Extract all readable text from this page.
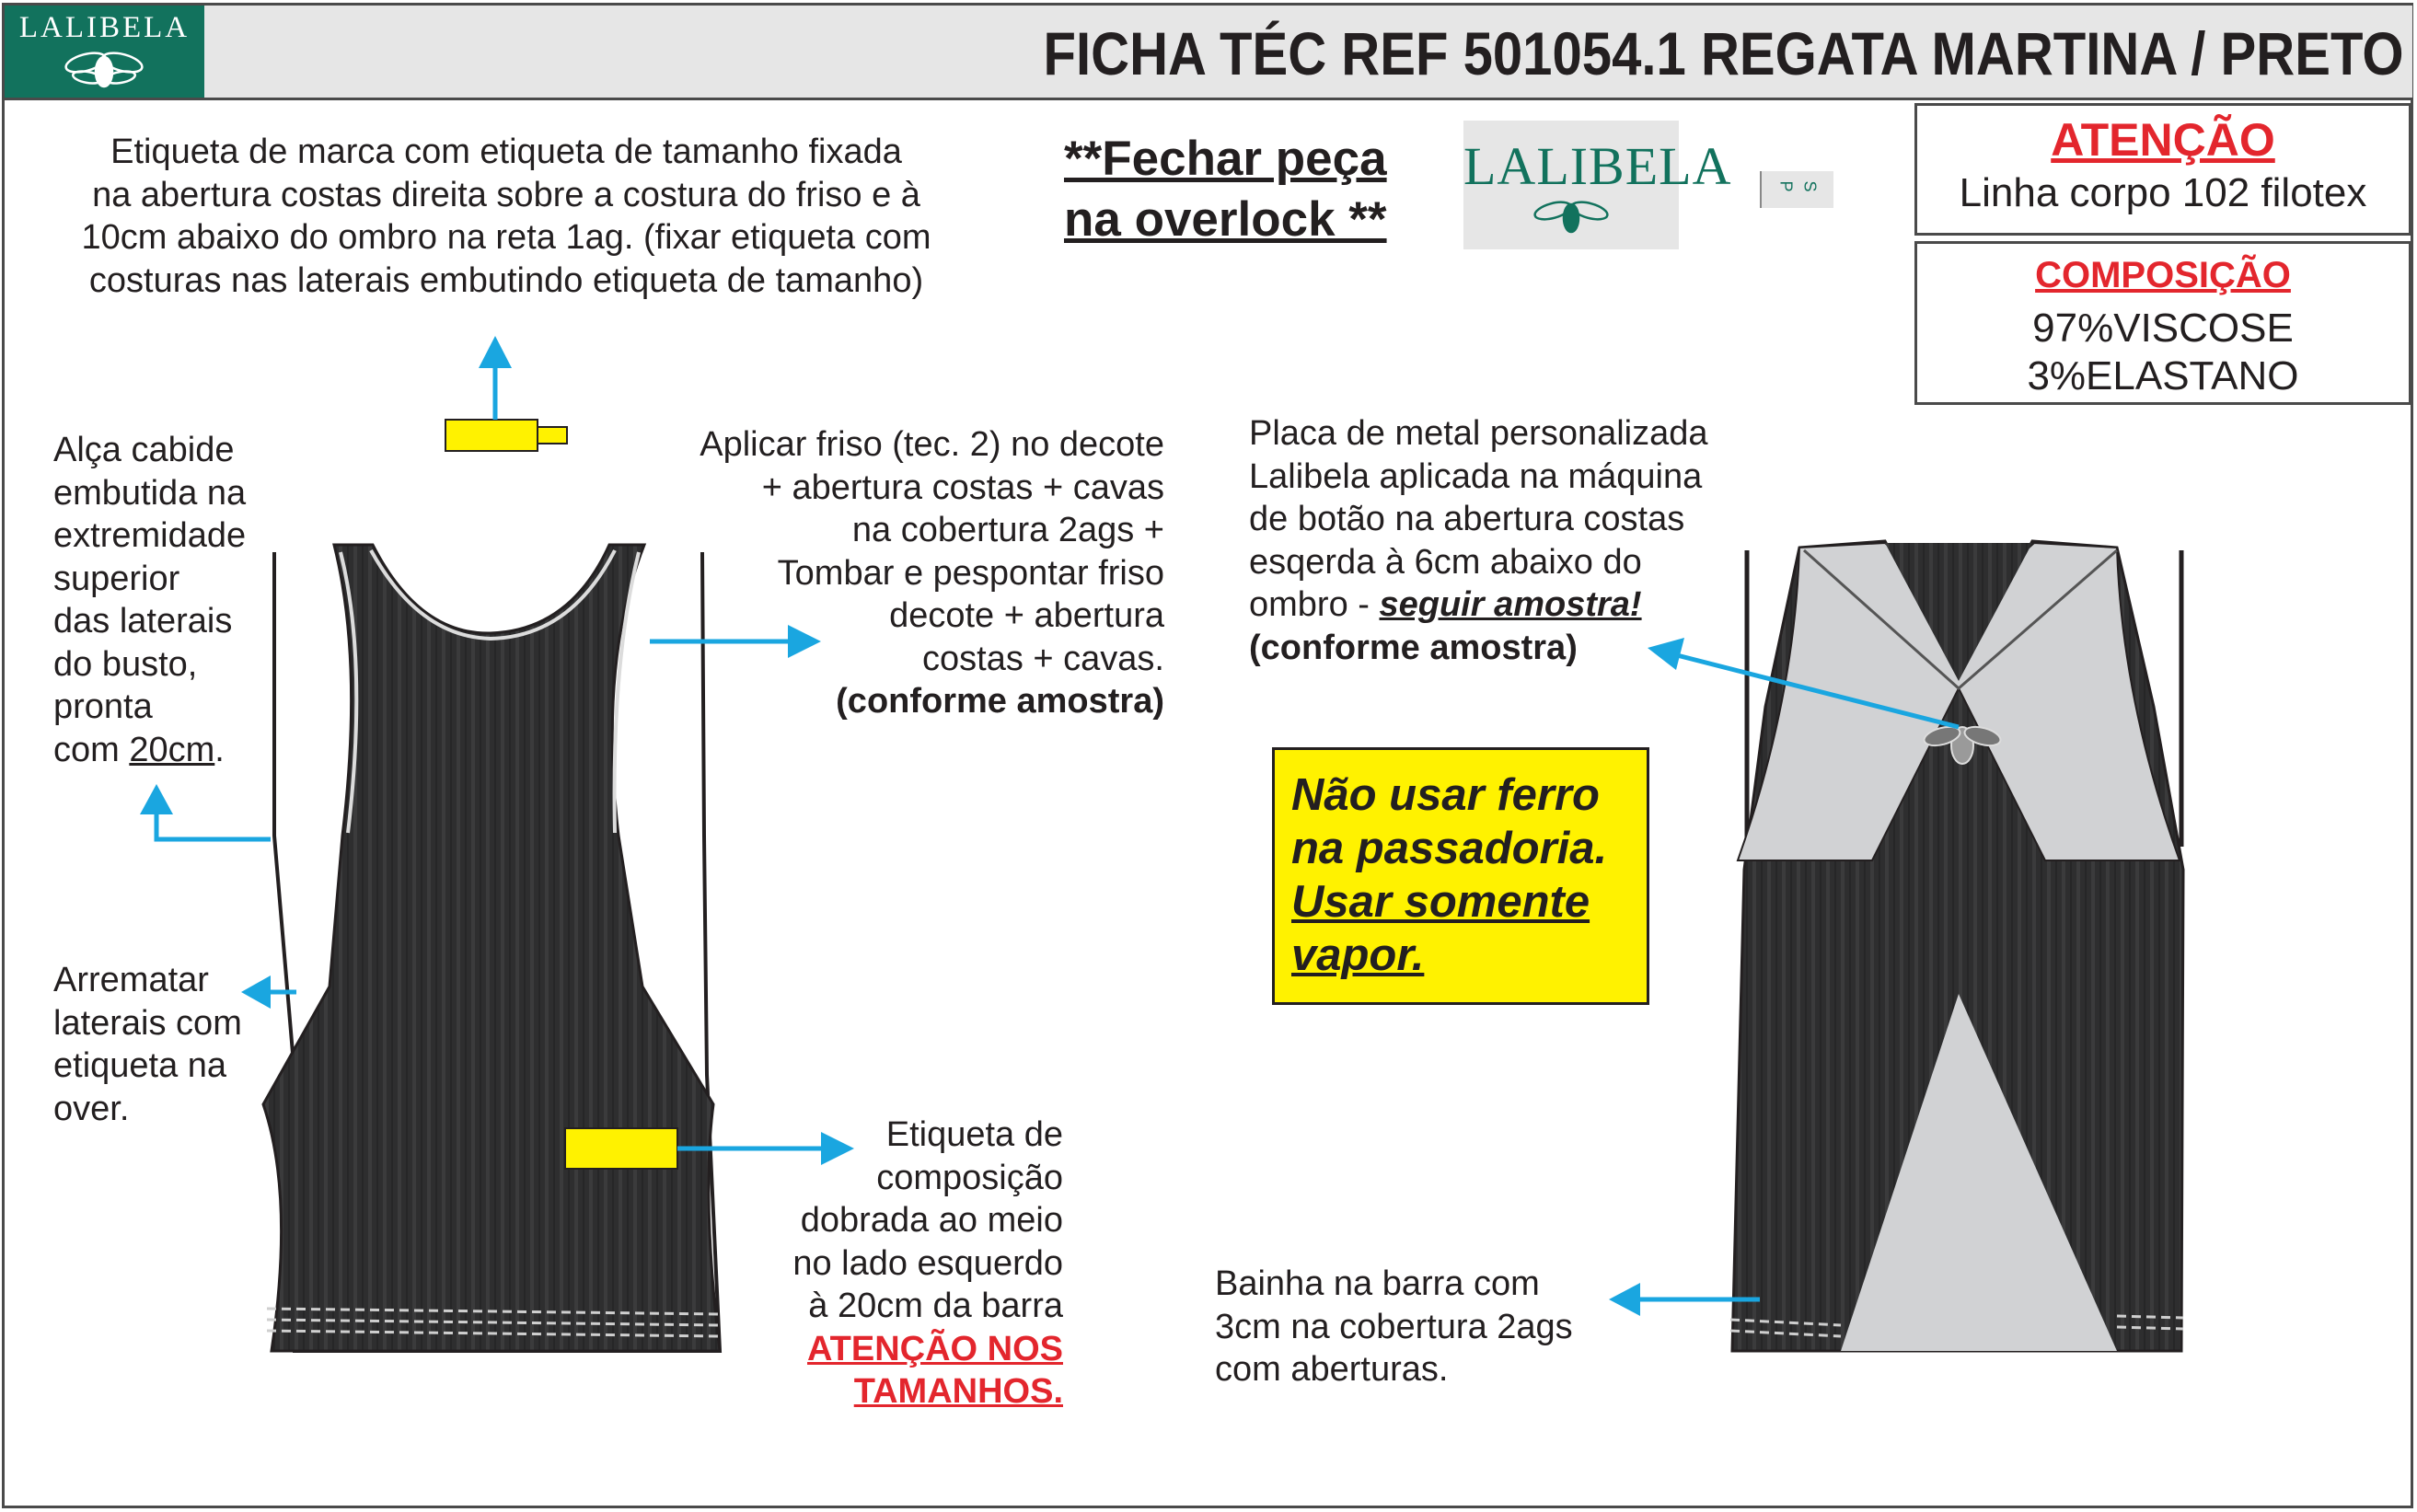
LALIBELA	FICHA TÉC REF 501054.1 REGATA MARTINA / PRETO
Etiqueta de marca com etiqueta de tamanho fixada
na abertura costas direita sobre a costura do friso e à
10cm abaixo do ombro na reta 1ag. (fixar etiqueta com
costuras nas laterais embutindo etiqueta de tamanho)
**Fechar peça
na overlock **
LALIBELA	P S
ATENÇÃO
Linha corpo 102 filotex
COMPOSIÇÃO
97%VISCOSE
3%ELASTANO
Alça cabide
embutida na
extremidade
superior
das laterais
do busto,
pronta
com 20cm.
Aplicar friso (tec. 2) no decote
+ abertura costas + cavas
na cobertura 2ags +
Tombar e pespontar friso
decote + abertura
costas + cavas.
(conforme amostra)
Arrematar
laterais com
etiqueta na
over.
Etiqueta de
composição
dobrada ao meio
no lado esquerdo
à 20cm da barra
ATENÇÃO NOS
TAMANHOS.
Placa de metal personalizada
Lalibela aplicada na máquina
de botão na abertura costas
esqerda à 6cm abaixo do
ombro - seguir amostra!
(conforme amostra)
Não usar ferro
na passadoria.
Usar somente
vapor.
Bainha na barra com
3cm na cobertura 2ags
com aberturas.
